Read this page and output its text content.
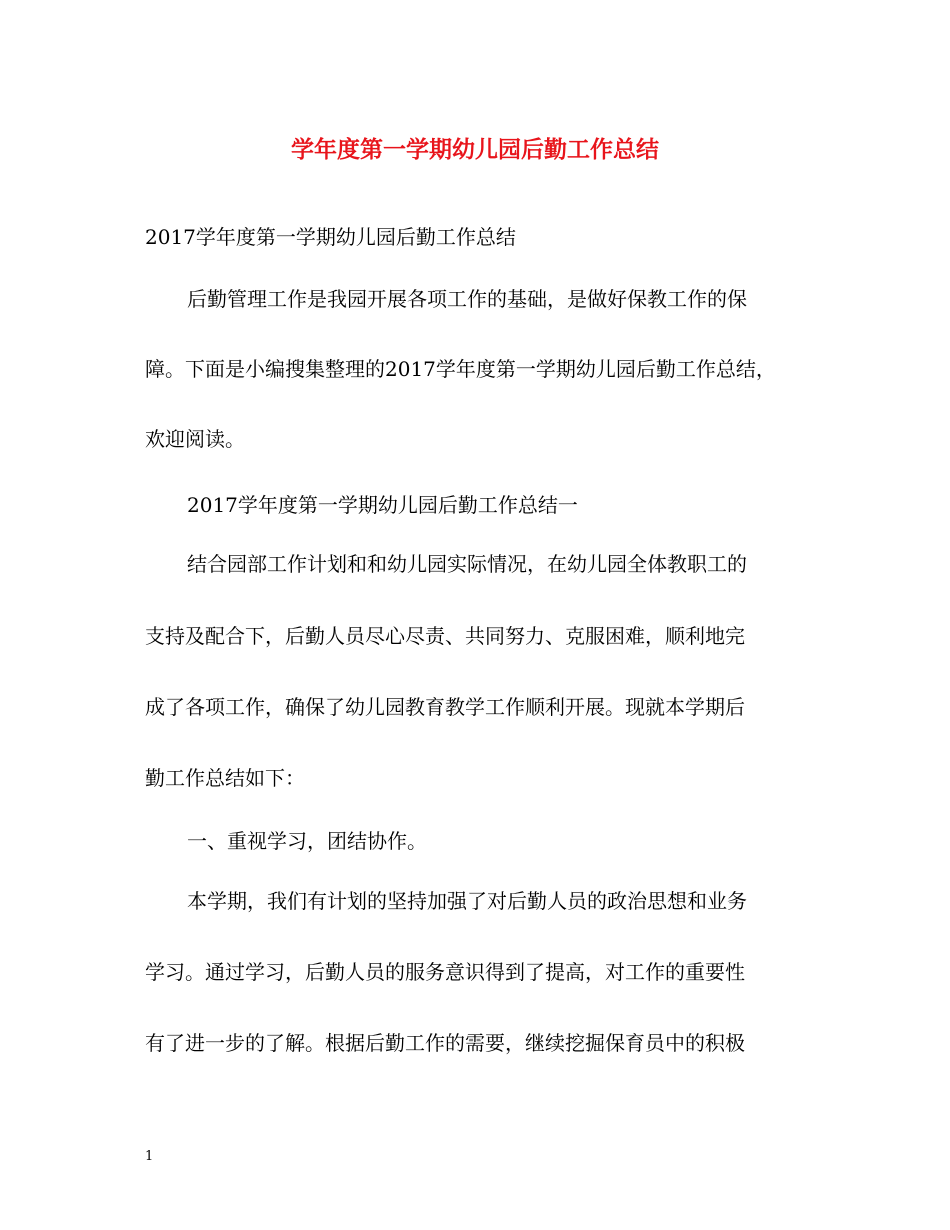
学年度第一学期幼儿园后勤工作总结
2017学年度第一学期幼儿园后勤工作总结
后勤管理工作是我园开展各项工作的基础，是做好保教工作的保
障。下面是小编搜集整理的2017学年度第一学期幼儿园后勤工作总结，
欢迎阅读。
2017学年度第一学期幼儿园后勤工作总结一
结合园部工作计划和和幼儿园实际情况，在幼儿园全体教职工的
支持及配合下，后勤人员尽心尽责、共同努力、克服困难，顺利地完
成了各项工作，确保了幼儿园教育教学工作顺利开展。现就本学期后
勤工作总结如下：
一、重视学习，团结协作。
本学期，我们有计划的坚持加强了对后勤人员的政治思想和业务
学习。通过学习，后勤人员的服务意识得到了提高，对工作的重要性
有了进一步的了解。根据后勤工作的需要，继续挖掘保育员中的积极
1
